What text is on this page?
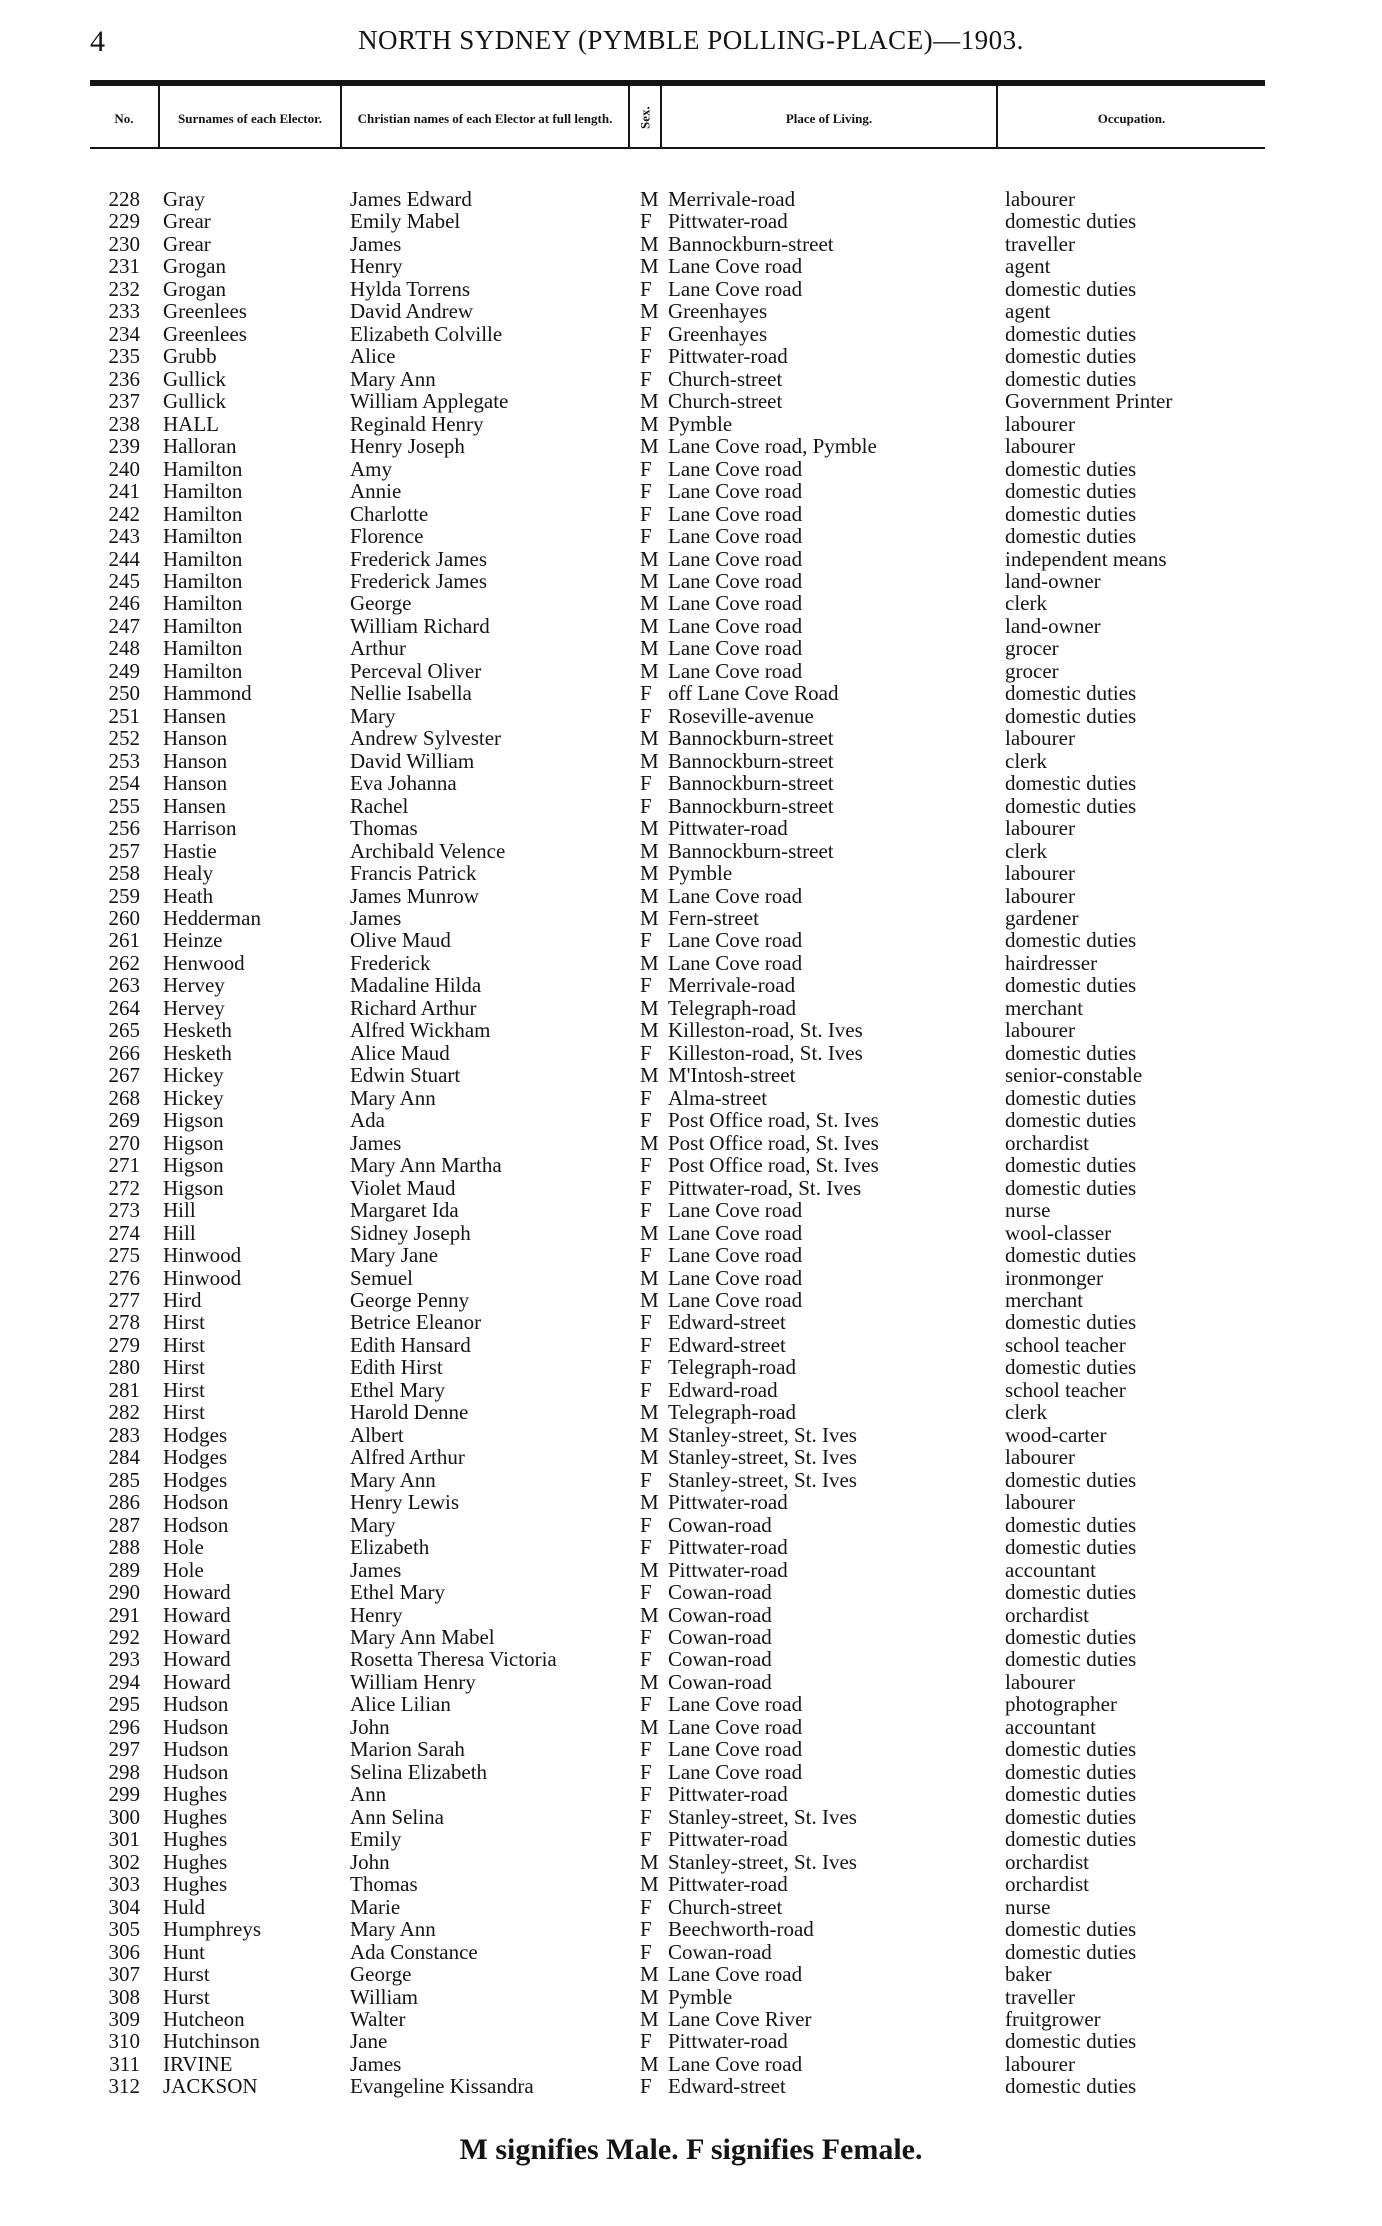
4	NORTH SYDNEY (PYMBLE POLLING-PLACE)—1903.
No.	Surnames of each Elector.	Christian names of each Elector at full length.	Sex.	Place of Living.	Occupation.
228 Gray	James Edward	M Merrivale-road	labourer
229 Grear	Emily Mabel	F Pittwater-road	domestic duties
230 Grear	James	M Bannockburn-street	traveller
231 Grogan	Henry	M Lane Cove road	agent
232 Grogan	Hylda Torrens	F Lane Cove road	domestic duties
233 Greenlees	David Andrew	M Greenhayes	agent
234 Greenlees	Elizabeth Colville	F Greenhayes	domestic duties
235 Grubb	Alice	F Pittwater-road	domestic duties
236 Gullick	Mary Ann	F Church-street	domestic duties
237 Gullick	William Applegate	M Church-street	Government Printer
238 HALL	Reginald Henry	M Pymble	labourer
239 Halloran	Henry Joseph	M Lane Cove road, Pymble	labourer
240 Hamilton	Amy	F Lane Cove road	domestic duties
241 Hamilton	Annie	F Lane Cove road	domestic duties
242 Hamilton	Charlotte	F Lane Cove road	domestic duties
243 Hamilton	Florence	F Lane Cove road	domestic duties
244 Hamilton	Frederick James	M Lane Cove road	independent means
245 Hamilton	Frederick James	M Lane Cove road	land-owner
246 Hamilton	George	M Lane Cove road	clerk
247 Hamilton	William Richard	M Lane Cove road	land-owner
248 Hamilton	Arthur	M Lane Cove road	grocer
249 Hamilton	Perceval Oliver	M Lane Cove road	grocer
250 Hammond	Nellie Isabella	F off Lane Cove Road	domestic duties
251 Hansen	Mary	F Roseville-avenue	domestic duties
252 Hanson	Andrew Sylvester	M Bannockburn-street	labourer
253 Hanson	David William	M Bannockburn-street	clerk
254 Hanson	Eva Johanna	F Bannockburn-street	domestic duties
255 Hansen	Rachel	F Bannockburn-street	domestic duties
256 Harrison	Thomas	M Pittwater-road	labourer
257 Hastie	Archibald Velence	M Bannockburn-street	clerk
258 Healy	Francis Patrick	M Pymble	labourer
259 Heath	James Munrow	M Lane Cove road	labourer
260 Hedderman	James	M Fern-street	gardener
261 Heinze	Olive Maud	F Lane Cove road	domestic duties
262 Henwood	Frederick	M Lane Cove road	hairdresser
263 Hervey	Madaline Hilda	F Merrivale-road	domestic duties
264 Hervey	Richard Arthur	M Telegraph-road	merchant
265 Hesketh	Alfred Wickham	M Killeston-road, St. Ives	labourer
266 Hesketh	Alice Maud	F Killeston-road, St. Ives	domestic duties
267 Hickey	Edwin Stuart	M M'Intosh-street	senior-constable
268 Hickey	Mary Ann	F Alma-street	domestic duties
269 Higson	Ada	F Post Office road, St. Ives	domestic duties
270 Higson	James	M Post Office road, St. Ives	orchardist
271 Higson	Mary Ann Martha	F Post Office road, St. Ives	domestic duties
272 Higson	Violet Maud	F Pittwater-road, St. Ives	domestic duties
273 Hill	Margaret Ida	F Lane Cove road	nurse
274 Hill	Sidney Joseph	M Lane Cove road	wool-classer
275 Hinwood	Mary Jane	F Lane Cove road	domestic duties
276 Hinwood	Semuel	M Lane Cove road	ironmonger
277 Hird	George Penny	M Lane Cove road	merchant
278 Hirst	Betrice Eleanor	F Edward-street	domestic duties
279 Hirst	Edith Hansard	F Edward-street	school teacher
280 Hirst	Edith Hirst	F Telegraph-road	domestic duties
281 Hirst	Ethel Mary	F Edward-road	school teacher
282 Hirst	Harold Denne	M Telegraph-road	clerk
283 Hodges	Albert	M Stanley-street, St. Ives	wood-carter
284 Hodges	Alfred Arthur	M Stanley-street, St. Ives	labourer
285 Hodges	Mary Ann	F Stanley-street, St. Ives	domestic duties
286 Hodson	Henry Lewis	M Pittwater-road	labourer
287 Hodson	Mary	F Cowan-road	domestic duties
288 Hole	Elizabeth	F Pittwater-road	domestic duties
289 Hole	James	M Pittwater-road	accountant
290 Howard	Ethel Mary	F Cowan-road	domestic duties
291 Howard	Henry	M Cowan-road	orchardist
292 Howard	Mary Ann Mabel	F Cowan-road	domestic duties
293 Howard	Rosetta Theresa Victoria	F Cowan-road	domestic duties
294 Howard	William Henry	M Cowan-road	labourer
295 Hudson	Alice Lilian	F Lane Cove road	photographer
296 Hudson	John	M Lane Cove road	accountant
297 Hudson	Marion Sarah	F Lane Cove road	domestic duties
298 Hudson	Selina Elizabeth	F Lane Cove road	domestic duties
299 Hughes	Ann	F Pittwater-road	domestic duties
300 Hughes	Ann Selina	F Stanley-street, St. Ives	domestic duties
301 Hughes	Emily	F Pittwater-road	domestic duties
302 Hughes	John	M Stanley-street, St. Ives	orchardist
303 Hughes	Thomas	M Pittwater-road	orchardist
304 Huld	Marie	F Church-street	nurse
305 Humphreys	Mary Ann	F Beechworth-road	domestic duties
306 Hunt	Ada Constance	F Cowan-road	domestic duties
307 Hurst	George	M Lane Cove road	baker
308 Hurst	William	M Pymble	traveller
309 Hutcheon	Walter	M Lane Cove River	fruitgrower
310 Hutchinson	Jane	F Pittwater-road	domestic duties
311 IRVINE	James	M Lane Cove road	labourer
312 JACKSON	Evangeline Kissandra	F Edward-street	domestic duties
M signifies Male. F signifies Female.
